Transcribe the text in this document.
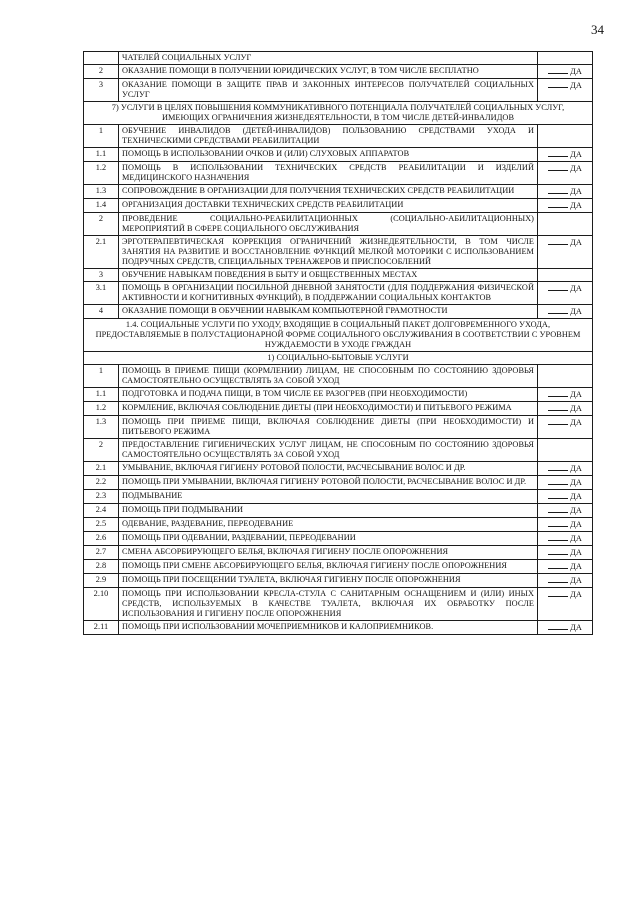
34
	ЧАТЕЛЕЙ СОЦИАЛЬНЫХ УСЛУГ	
2	ОКАЗАНИЕ ПОМОЩИ В ПОЛУЧЕНИИ ЮРИДИЧЕСКИХ УСЛУГ, В ТОМ ЧИСЛЕ БЕСПЛАТНО	ДА
3	ОКАЗАНИЕ ПОМОЩИ В ЗАЩИТЕ ПРАВ И ЗАКОННЫХ ИНТЕРЕСОВ ПОЛУЧАТЕЛЕЙ СОЦИАЛЬНЫХ УСЛУГ	ДА
7) УСЛУГИ В ЦЕЛЯХ ПОВЫШЕНИЯ КОММУНИКАТИВНОГО ПОТЕНЦИАЛА ПОЛУЧАТЕЛЕЙ СОЦИАЛЬНЫХ УСЛУГ, ИМЕЮЩИХ ОГРАНИЧЕНИЯ ЖИЗНЕДЕЯТЕЛЬНОСТИ, В ТОМ ЧИСЛЕ ДЕТЕЙ-ИНВАЛИДОВ		
1	ОБУЧЕНИЕ ИНВАЛИДОВ (ДЕТЕЙ-ИНВАЛИДОВ) ПОЛЬЗОВАНИЮ СРЕДСТВАМИ УХОДА И ТЕХНИЧЕСКИМИ СРЕДСТВАМИ РЕАБИЛИТАЦИИ	
1.1	ПОМОЩЬ В ИСПОЛЬЗОВАНИИ ОЧКОВ И (ИЛИ) СЛУХОВЫХ АППАРАТОВ	ДА
1.2	ПОМОЩЬ В ИСПОЛЬЗОВАНИИ ТЕХНИЧЕСКИХ СРЕДСТВ РЕАБИЛИТАЦИИ И ИЗДЕЛИЙ МЕДИЦИНСКОГО НАЗНАЧЕНИЯ	ДА
1.3	СОПРОВОЖДЕНИЕ В ОРГАНИЗАЦИИ ДЛЯ ПОЛУЧЕНИЯ ТЕХНИЧЕСКИХ СРЕДСТВ РЕАБИЛИТАЦИИ	ДА
1.4	ОРГАНИЗАЦИЯ ДОСТАВКИ ТЕХНИЧЕСКИХ СРЕДСТВ РЕАБИЛИТАЦИИ	ДА
2	ПРОВЕДЕНИЕ СОЦИАЛЬНО-РЕАБИЛИТАЦИОННЫХ (СОЦИАЛЬНО-АБИЛИТАЦИОННЫХ) МЕРОПРИЯТИЙ В СФЕРЕ СОЦИАЛЬНОГО ОБСЛУЖИВАНИЯ	
2.1	ЭРГОТЕРАПЕВТИЧЕСКАЯ КОРРЕКЦИЯ ОГРАНИЧЕНИЙ ЖИЗНЕДЕЯТЕЛЬНОСТИ, В ТОМ ЧИСЛЕ ЗАНЯТИЯ НА РАЗВИТИЕ И ВОССТАНОВЛЕНИЕ ФУНКЦИЙ МЕЛКОЙ МОТОРИКИ С ИСПОЛЬЗОВАНИЕМ ПОДРУЧНЫХ СРЕДСТВ, СПЕЦИАЛЬНЫХ ТРЕНАЖЕРОВ И ПРИСПОСОБЛЕНИЙ	ДА
3	ОБУЧЕНИЕ НАВЫКАМ ПОВЕДЕНИЯ В БЫТУ И ОБЩЕСТВЕННЫХ МЕСТАХ	
3.1	ПОМОЩЬ В ОРГАНИЗАЦИИ ПОСИЛЬНОЙ ДНЕВНОЙ ЗАНЯТОСТИ (ДЛЯ ПОДДЕРЖАНИЯ ФИЗИЧЕСКОЙ АКТИВНОСТИ И КОГНИТИВНЫХ ФУНКЦИЙ), В ПОДДЕРЖАНИИ СОЦИАЛЬНЫХ КОНТАКТОВ	ДА
4	ОКАЗАНИЕ ПОМОЩИ В ОБУЧЕНИИ НАВЫКАМ КОМПЬЮТЕРНОЙ ГРАМОТНОСТИ	ДА
1.4. СОЦИАЛЬНЫЕ УСЛУГИ ПО УХОДУ, ВХОДЯЩИЕ В СОЦИАЛЬНЫЙ ПАКЕТ ДОЛГОВРЕМЕННОГО УХОДА, ПРЕДОСТАВЛЯЕМЫЕ В ПОЛУСТАЦИОНАРНОЙ ФОРМЕ СОЦИАЛЬНОГО ОБСЛУЖИВАНИЯ В СООТВЕТСТВИИ С УРОВНЕМ НУЖДАЕМОСТИ В УХОДЕ ГРАЖДАН		
1) СОЦИАЛЬНО-БЫТОВЫЕ УСЛУГИ		
1	ПОМОЩЬ В ПРИЕМЕ ПИЩИ (КОРМЛЕНИИ) ЛИЦАМ, НЕ СПОСОБНЫМ ПО СОСТОЯНИЮ ЗДОРОВЬЯ САМОСТОЯТЕЛЬНО ОСУЩЕСТВЛЯТЬ ЗА СОБОЙ УХОД	
1.1	ПОДГОТОВКА И ПОДАЧА ПИЩИ, В ТОМ ЧИСЛЕ ЕЕ РАЗОГРЕВ (ПРИ НЕОБХОДИМОСТИ)	ДА
1.2	КОРМЛЕНИЕ, ВКЛЮЧАЯ СОБЛЮДЕНИЕ ДИЕТЫ (ПРИ НЕОБХОДИМОСТИ) И ПИТЬЕВОГО РЕЖИМА	ДА
1.3	ПОМОЩЬ ПРИ ПРИЕМЕ ПИЩИ, ВКЛЮЧАЯ СОБЛЮДЕНИЕ ДИЕТЫ (ПРИ НЕОБХОДИМОСТИ) И ПИТЬЕВОГО РЕЖИМА	ДА
2	ПРЕДОСТАВЛЕНИЕ ГИГИЕНИЧЕСКИХ УСЛУГ ЛИЦАМ, НЕ СПОСОБНЫМ ПО СОСТОЯНИЮ ЗДОРОВЬЯ САМОСТОЯТЕЛЬНО ОСУЩЕСТВЛЯТЬ ЗА СОБОЙ УХОД	
2.1	УМЫВАНИЕ, ВКЛЮЧАЯ ГИГИЕНУ РОТОВОЙ ПОЛОСТИ, РАСЧЕСЫВАНИЕ ВОЛОС И ДР.	ДА
2.2	ПОМОЩЬ ПРИ УМЫВАНИИ, ВКЛЮЧАЯ ГИГИЕНУ РОТОВОЙ ПОЛОСТИ, РАСЧЕСЫВАНИЕ ВОЛОС И ДР.	ДА
2.3	ПОДМЫВАНИЕ	ДА
2.4	ПОМОЩЬ ПРИ ПОДМЫВАНИИ	ДА
2.5	ОДЕВАНИЕ, РАЗДЕВАНИЕ, ПЕРЕОДЕВАНИЕ	ДА
2.6	ПОМОЩЬ ПРИ ОДЕВАНИИ, РАЗДЕВАНИИ, ПЕРЕОДЕВАНИИ	ДА
2.7	СМЕНА АБСОРБИРУЮЩЕГО БЕЛЬЯ, ВКЛЮЧАЯ ГИГИЕНУ ПОСЛЕ ОПОРОЖНЕНИЯ	ДА
2.8	ПОМОЩЬ ПРИ СМЕНЕ АБСОРБИРУЮЩЕГО БЕЛЬЯ, ВКЛЮЧАЯ ГИГИЕНУ ПОСЛЕ ОПОРОЖНЕНИЯ	ДА
2.9	ПОМОЩЬ ПРИ ПОСЕЩЕНИИ ТУАЛЕТА, ВКЛЮЧАЯ ГИГИЕНУ ПОСЛЕ ОПОРОЖНЕНИЯ	ДА
2.10	ПОМОЩЬ ПРИ ИСПОЛЬЗОВАНИИ КРЕСЛА-СТУЛА С САНИТАРНЫМ ОСНАЩЕНИЕМ И (ИЛИ) ИНЫХ СРЕДСТВ, ИСПОЛЬЗУЕМЫХ В КАЧЕСТВЕ ТУАЛЕТА, ВКЛЮЧАЯ ИХ ОБРАБОТКУ ПОСЛЕ ИСПОЛЬЗОВАНИЯ И ГИГИЕНУ ПОСЛЕ ОПОРОЖНЕНИЯ	ДА
2.11	ПОМОЩЬ ПРИ ИСПОЛЬЗОВАНИИ МОЧЕПРИЕМНИКОВ И КАЛОПРИЕМНИКОВ.	ДА
